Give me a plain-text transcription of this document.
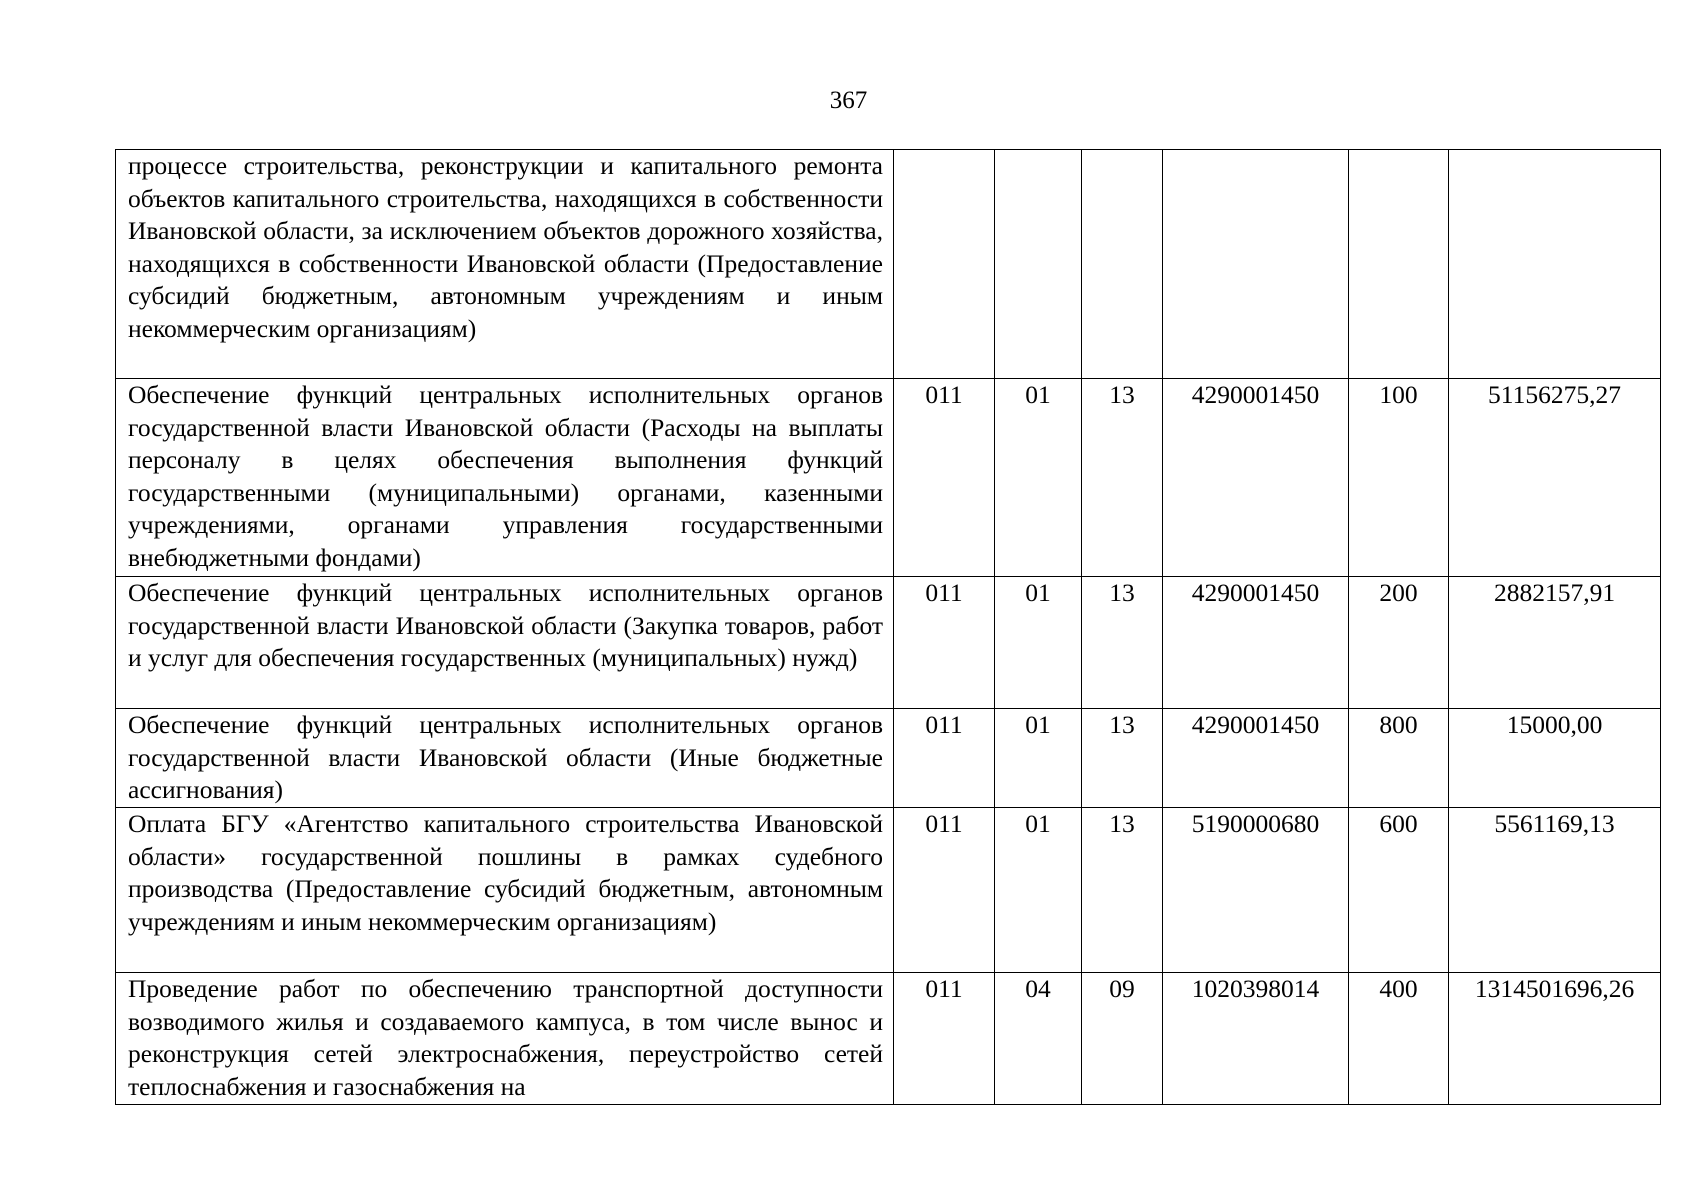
367
процессе строительства, реконструкции и капитального ремонта объектов капитального строительства, находящихся в собственности Ивановской области, за исключением объектов дорожного хозяйства, находящихся в собственности Ивановской области (Предоставление субсидий бюджетным, автономным учреждениям и иным некоммерческим организациям)						
Обеспечение функций центральных исполнительных органов государственной власти Ивановской области (Расходы на выплаты персоналу в целях обеспечения выполнения функций государственными (муниципальными) органами, казенными учреждениями, органами управления государственными внебюджетными фондами)	011	01	13	4290001450	100	51156275,27
Обеспечение функций центральных исполнительных органов государственной власти Ивановской области (Закупка товаров, работ и услуг для обеспечения государственных (муниципальных) нужд)	011	01	13	4290001450	200	2882157,91
Обеспечение функций центральных исполнительных органов государственной власти Ивановской области (Иные бюджетные ассигнования)	011	01	13	4290001450	800	15000,00
Оплата БГУ «Агентство капитального строительства Ивановской области» государственной пошлины в рамках судебного производства (Предоставление субсидий бюджетным, автономным учреждениям и иным некоммерческим организациям)	011	01	13	5190000680	600	5561169,13
Проведение работ по обеспечению транспортной доступности возводимого жилья и создаваемого кампуса, в том числе вынос и реконструкция сетей электроснабжения, переустройство сетей теплоснабжения и газоснабжения на	011	04	09	1020398014	400	1314501696,26
